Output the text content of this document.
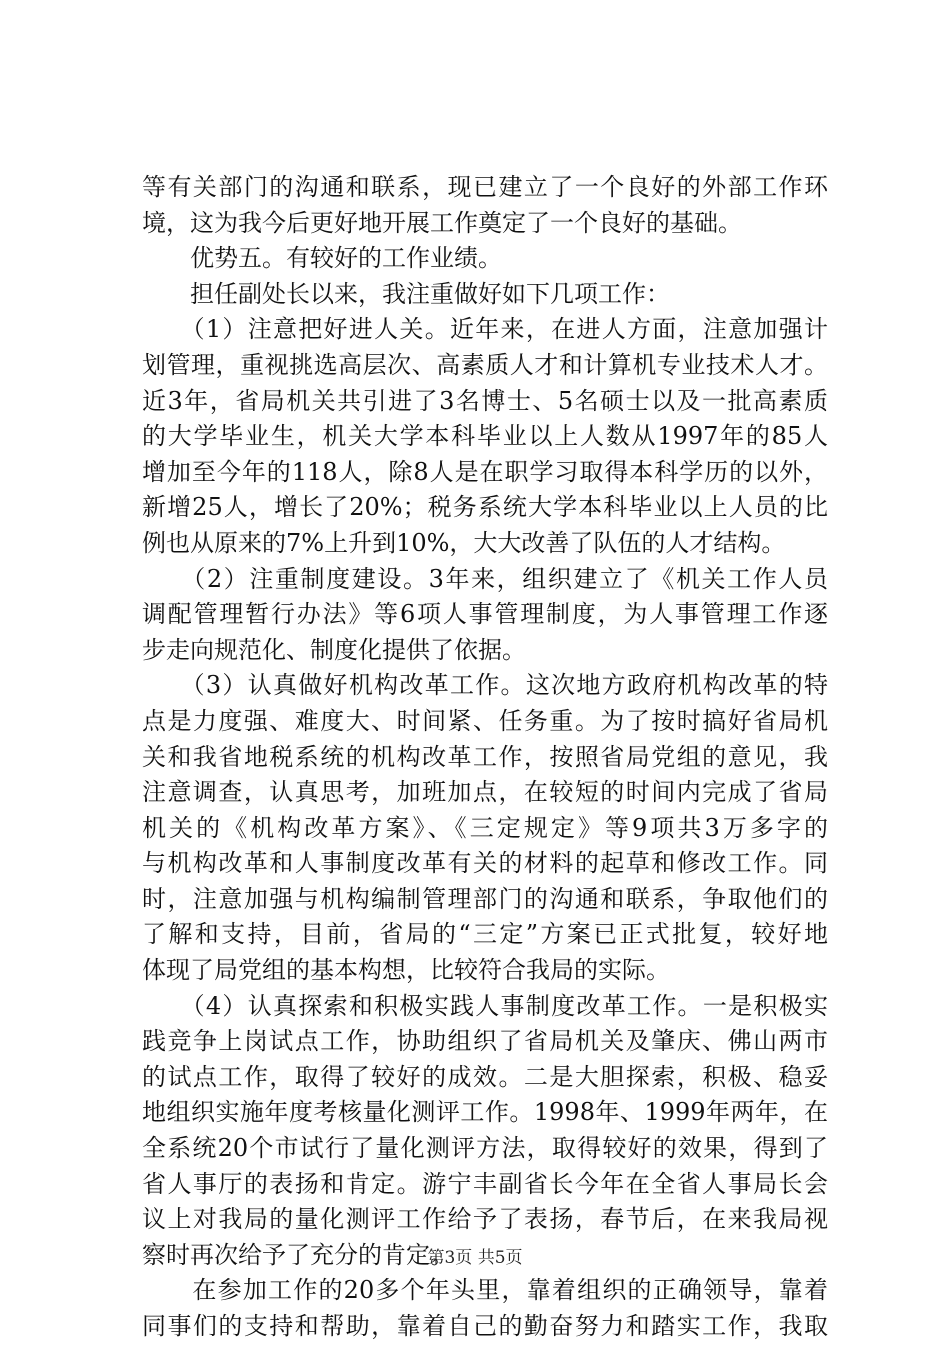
等有关部门的沟通和联系，现已建立了一个良好的外部工作环
境，这为我今后更好地开展工作奠定了一个良好的基础。
　　优势五。有较好的工作业绩。
　　担任副处长以来，我注重做好如下几项工作：
　　（1）注意把好进人关。近年来，在进人方面，注意加强计
划管理，重视挑选高层次、高素质人才和计算机专业技术人才。
近3年，省局机关共引进了3名博士、5名硕士以及一批高素质
的大学毕业生，机关大学本科毕业以上人数从1997年的85人
增加至今年的118人，除8人是在职学习取得本科学历的以外，
新增25人，增长了20%；税务系统大学本科毕业以上人员的比
例也从原来的7%上升到10%，大大改善了队伍的人才结构。
　　（2）注重制度建设。3年来，组织建立了《机关工作人员
调配管理暂行办法》等6项人事管理制度，为人事管理工作逐
步走向规范化、制度化提供了依据。
　　（3）认真做好机构改革工作。这次地方政府机构改革的特
点是力度强、难度大、时间紧、任务重。为了按时搞好省局机
关和我省地税系统的机构改革工作，按照省局党组的意见，我
注意调查，认真思考，加班加点，在较短的时间内完成了省局
机关的《机构改革方案》、《三定规定》等9项共3万多字的
与机构改革和人事制度改革有关的材料的起草和修改工作。同
时，注意加强与机构编制管理部门的沟通和联系，争取他们的
了解和支持，目前，省局的“三定”方案已正式批复，较好地
体现了局党组的基本构想，比较符合我局的实际。
　　（4）认真探索和积极实践人事制度改革工作。一是积极实
践竞争上岗试点工作，协助组织了省局机关及肇庆、佛山两市
的试点工作，取得了较好的成效。二是大胆探索，积极、稳妥
地组织实施年度考核量化测评工作。1998年、1999年两年，在
全系统20个市试行了量化测评方法，取得较好的效果，得到了
省人事厅的表扬和肯定。游宁丰副省长今年在全省人事局长会
议上对我局的量化测评工作给予了表扬，春节后，在来我局视
察时再次给予了充分的肯定。
　　在参加工作的20多个年头里，靠着组织的正确领导，靠着
同事们的支持和帮助，靠着自己的勤奋努力和踏实工作，我取
第3页 共5页
